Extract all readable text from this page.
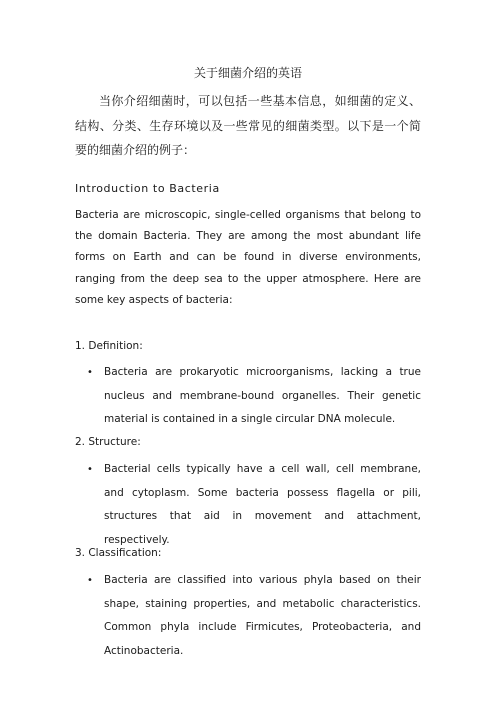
关于细菌介绍的英语
当你介绍细菌时，可以包括一些基本信息，如细菌的定义、结构、分类、生存环境以及一些常见的细菌类型。以下是一个简要的细菌介绍的例子：
Introduction to Bacteria
Bacteria are microscopic, single-celled organisms that belong to the domain Bacteria. They are among the most abundant life forms on Earth and can be found in diverse environments, ranging from the deep sea to the upper atmosphere. Here are some key aspects of bacteria:
1. Definition:
• Bacteria are prokaryotic microorganisms, lacking a true nucleus and membrane-bound organelles. Their genetic material is contained in a single circular DNA molecule.
2. Structure:
• Bacterial cells typically have a cell wall, cell membrane, and cytoplasm. Some bacteria possess flagella or pili, structures that aid in movement and attachment, respectively.
3. Classification:
• Bacteria are classified into various phyla based on their shape, staining properties, and metabolic characteristics. Common phyla include Firmicutes, Proteobacteria, and Actinobacteria.
